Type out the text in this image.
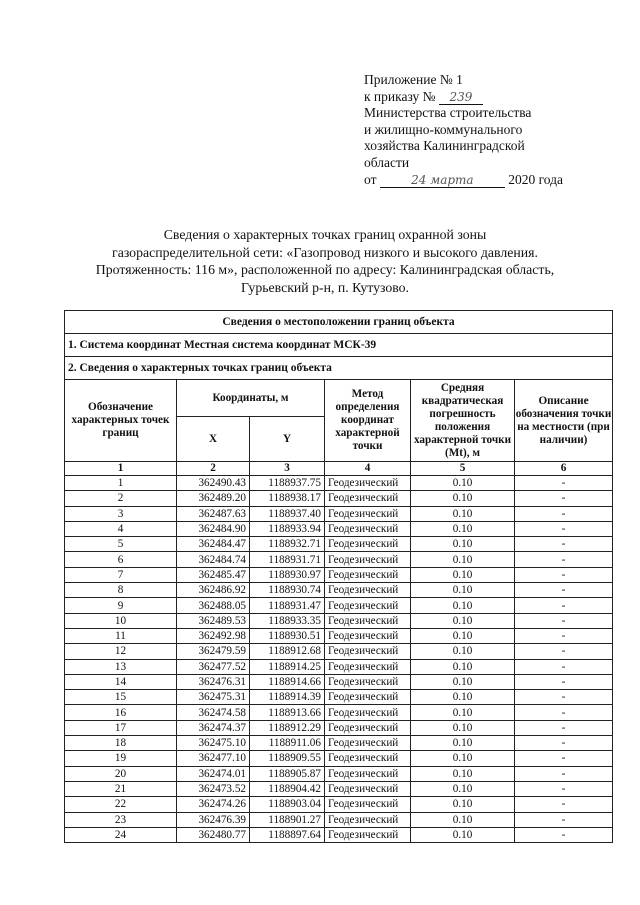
Приложение № 1
к приказу № 239
Министерства строительства
и жилищно-коммунального
хозяйства Калининградской
области
от	24 марта	2020 года
Сведения о характерных точках границ охранной зоны
газораспределительной сети: «Газопровод низкого и высокого давления.
Протяженность: 116 м», расположенной по адресу: Калининградская область,
Гурьевский р-н, п. Кутузово.
Сведения о местоположении границ объекта					
1. Система координат Местная система координат МСК-39					
2. Сведения о характерных точках границ объекта					
Обозначение характерных точек границ	Координаты, м		Метод определения координат характерной точки	Средняя квадратическая погрешность положения характерной точки (Mt), м	Описание обозначения точки на местности (при наличии)
	X	Y			
1	2	3	4	5	6
1	362490.43	1188937.75	Геодезический	0.10	-
2	362489.20	1188938.17	Геодезический	0.10	-
3	362487.63	1188937.40	Геодезический	0.10	-
4	362484.90	1188933.94	Геодезический	0.10	-
5	362484.47	1188932.71	Геодезический	0.10	-
6	362484.74	1188931.71	Геодезический	0.10	-
7	362485.47	1188930.97	Геодезический	0.10	-
8	362486.92	1188930.74	Геодезический	0.10	-
9	362488.05	1188931.47	Геодезический	0.10	-
10	362489.53	1188933.35	Геодезический	0.10	-
11	362492.98	1188930.51	Геодезический	0.10	-
12	362479.59	1188912.68	Геодезический	0.10	-
13	362477.52	1188914.25	Геодезический	0.10	-
14	362476.31	1188914.66	Геодезический	0.10	-
15	362475.31	1188914.39	Геодезический	0.10	-
16	362474.58	1188913.66	Геодезический	0.10	-
17	362474.37	1188912.29	Геодезический	0.10	-
18	362475.10	1188911.06	Геодезический	0.10	-
19	362477.10	1188909.55	Геодезический	0.10	-
20	362474.01	1188905.87	Геодезический	0.10	-
21	362473.52	1188904.42	Геодезический	0.10	-
22	362474.26	1188903.04	Геодезический	0.10	-
23	362476.39	1188901.27	Геодезический	0.10	-
24	362480.77	1188897.64	Геодезический	0.10	-
